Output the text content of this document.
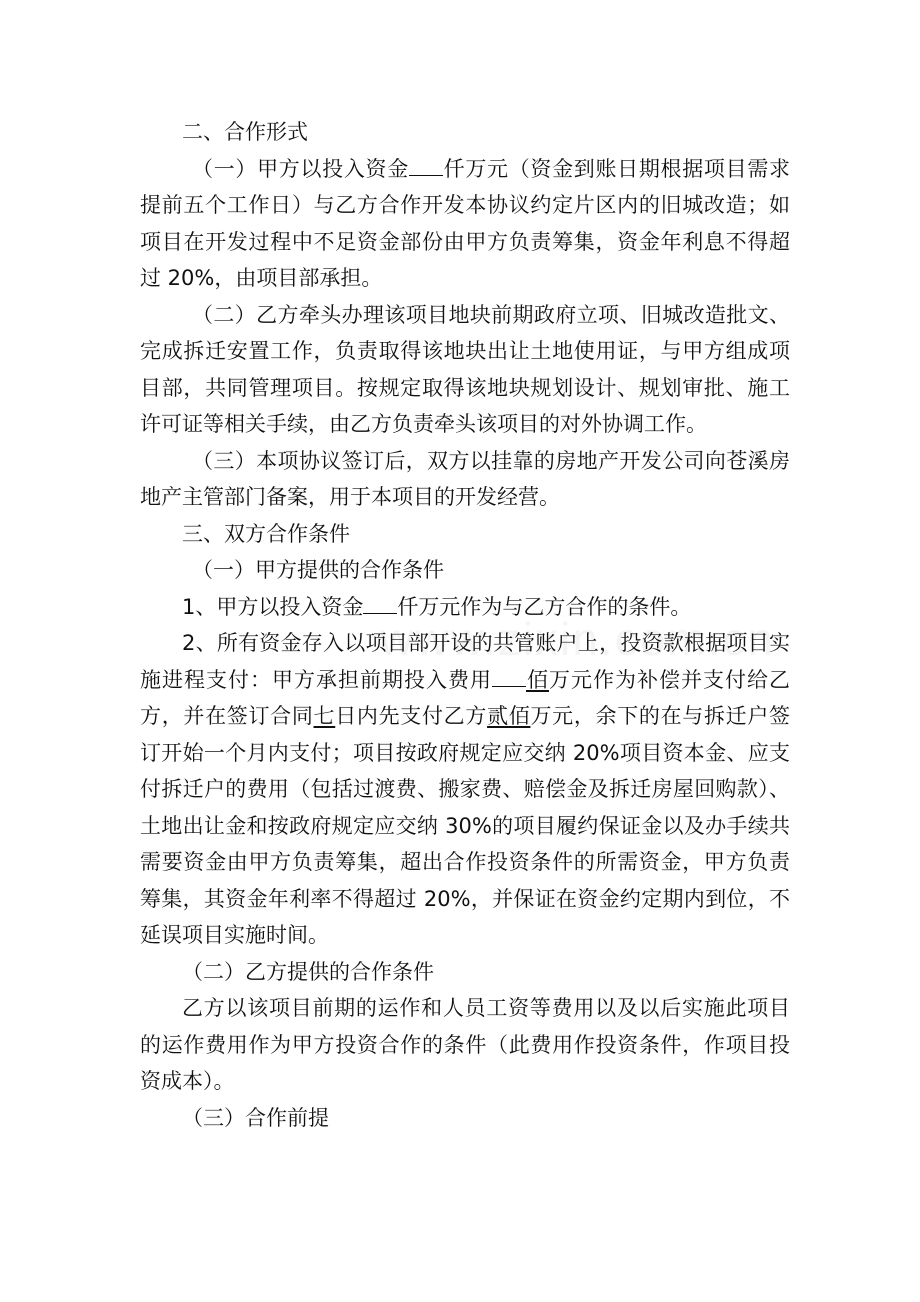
二、合作形式

（一）甲方以投入资金 仟万元（资金到账日期根据项目需求提前五个工作日）与乙方合作开发本协议约定片区内的旧城改造；如项目在开发过程中不足资金部份由甲方负责筹集，资金年利息不得超过 20%，由项目部承担。

（二）乙方牵头办理该项目地块前期政府立项、旧城改造批文、完成拆迁安置工作，负责取得该地块出让土地使用证，与甲方组成项目部，共同管理项目。按规定取得该地块规划设计、规划审批、施工许可证等相关手续，由乙方负责牵头该项目的对外协调工作。

（三）本项协议签订后，双方以挂靠的房地产开发公司向苍溪房地产主管部门备案，用于本项目的开发经营。

三、双方合作条件

（一）甲方提供的合作条件

1、甲方以投入资金 仟万元作为与乙方合作的条件。

2、所有资金存入以项目部开设的共管账户上，投资款根据项目实施进程支付：甲方承担前期投入费用 佰万元作为补偿并支付给乙方，并在签订合同七日内先支付乙方贰佰万元，余下的在与拆迁户签订开始一个月内支付；项目按政府规定应交纳 20%项目资本金、应支付拆迁户的费用（包括过渡费、搬家费、赔偿金及拆迁房屋回购款）、土地出让金和按政府规定应交纳 30%的项目履约保证金以及办手续共需要资金由甲方负责筹集，超出合作投资条件的所需资金，甲方负责筹集，其资金年利率不得超过 20%，并保证在资金约定期内到位，不延误项目实施时间。

（二）乙方提供的合作条件

乙方以该项目前期的运作和人员工资等费用以及以后实施此项目的运作费用作为甲方投资合作的条件（此费用作投资条件，作项目投资成本）。

（三）合作前提
